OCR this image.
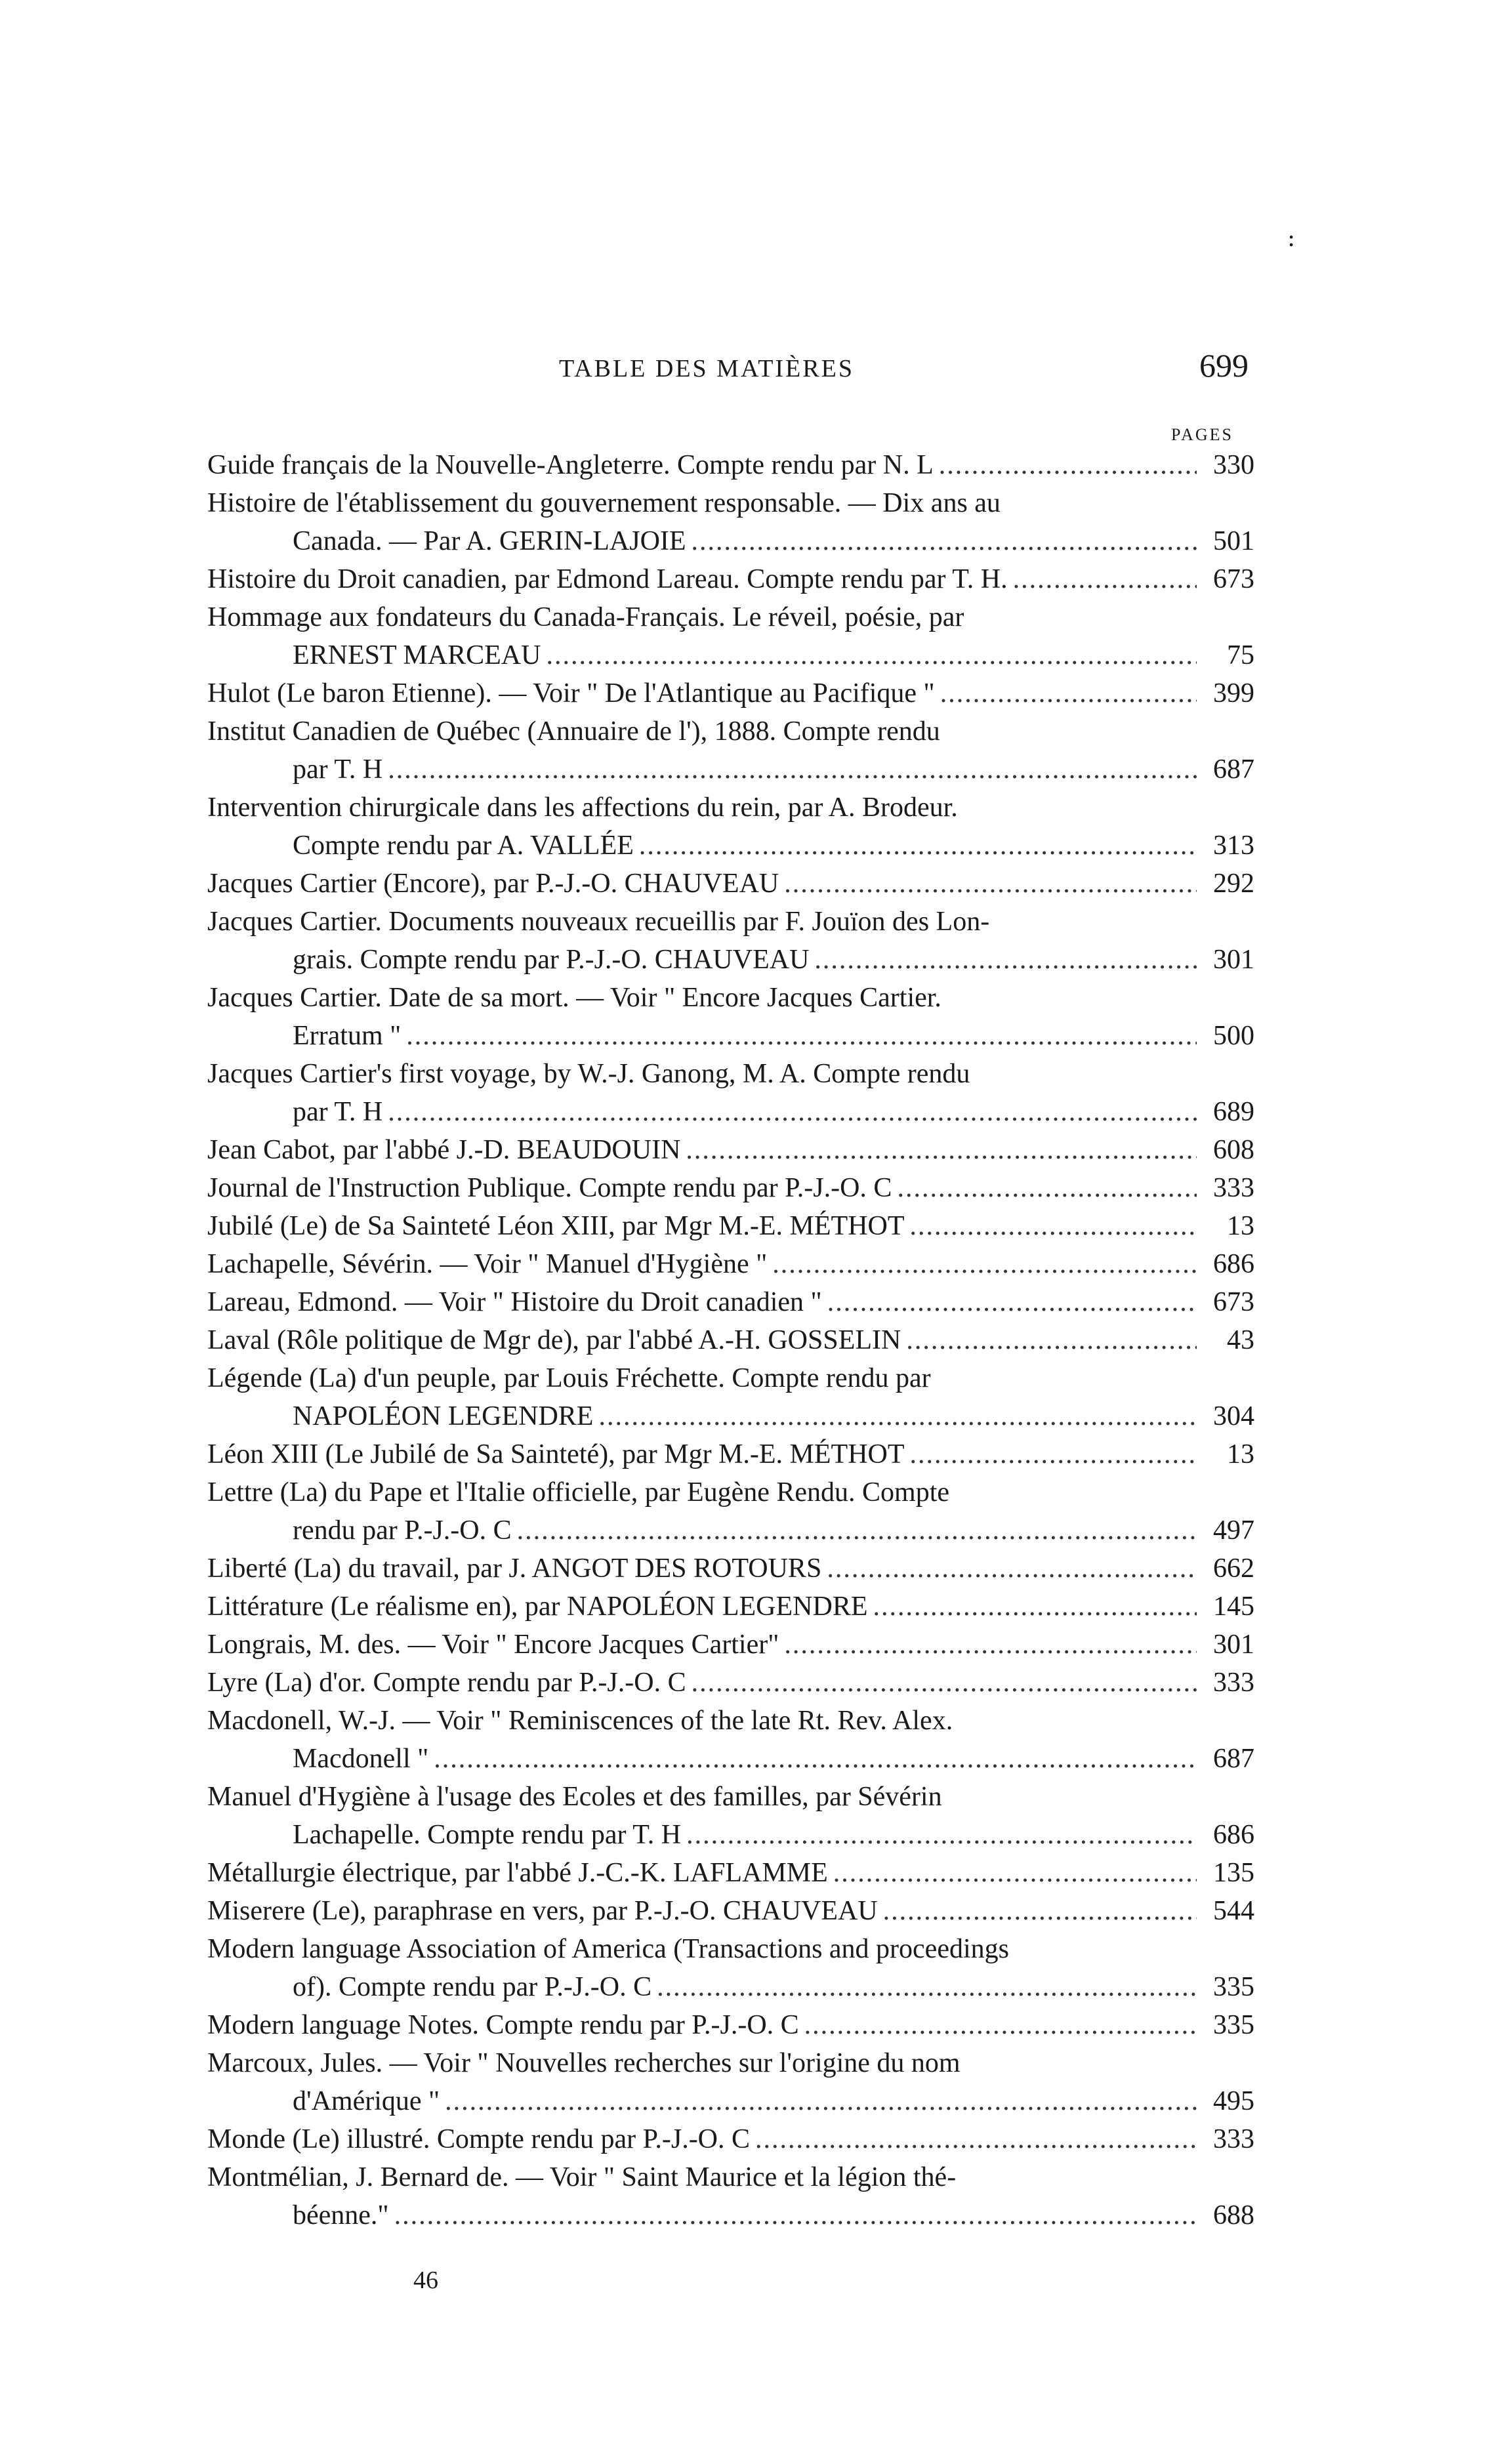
:
TABLE DES MATIÈRES	699
PAGES
Guide français de la Nouvelle-Angleterre. Compte rendu par N. L .....	330
Histoire de l'établissement du gouvernement responsable. — Dix ans au
Canada. — Par A. GERIN-LAJOIE .....	501
Histoire du Droit canadien, par Edmond Lareau. Compte rendu par T. H. .....	673
Hommage aux fondateurs du Canada-Français. Le réveil, poésie, par
ERNEST MARCEAU .....	75
Hulot (Le baron Etienne). — Voir " De l'Atlantique au Pacifique " .....	399
Institut Canadien de Québec (Annuaire de l'), 1888. Compte rendu
par T. H .....	687
Intervention chirurgicale dans les affections du rein, par A. Brodeur.
Compte rendu par A. VALLÉE .....	313
Jacques Cartier (Encore), par P.-J.-O. CHAUVEAU .....	292
Jacques Cartier. Documents nouveaux recueillis par F. Jouïon des Lon-
grais. Compte rendu par P.-J.-O. CHAUVEAU .....	301
Jacques Cartier. Date de sa mort. — Voir " Encore Jacques Cartier.
Erratum " .....	500
Jacques Cartier's first voyage, by W.-J. Ganong, M. A. Compte rendu
par T. H .....	689
Jean Cabot, par l'abbé J.-D. BEAUDOUIN .....	608
Journal de l'Instruction Publique. Compte rendu par P.-J.-O. C .....	333
Jubilé (Le) de Sa Sainteté Léon XIII, par Mgr M.-E. MÉTHOT .....	13
Lachapelle, Sévérin. — Voir " Manuel d'Hygiène " .....	686
Lareau, Edmond. — Voir " Histoire du Droit canadien " .....	673
Laval (Rôle politique de Mgr de), par l'abbé A.-H. GOSSELIN .....	43
Légende (La) d'un peuple, par Louis Fréchette. Compte rendu par
NAPOLÉON LEGENDRE .....	304
Léon XIII (Le Jubilé de Sa Sainteté), par Mgr M.-E. MÉTHOT .....	13
Lettre (La) du Pape et l'Italie officielle, par Eugène Rendu. Compte
rendu par P.-J.-O. C .....	497
Liberté (La) du travail, par J. ANGOT DES ROTOURS .....	662
Littérature (Le réalisme en), par NAPOLÉON LEGENDRE .....	145
Longrais, M. des. — Voir " Encore Jacques Cartier" .....	301
Lyre (La) d'or. Compte rendu par P.-J.-O. C .....	333
Macdonell, W.-J. — Voir " Reminiscences of the late Rt. Rev. Alex.
Macdonell " .....	687
Manuel d'Hygiène à l'usage des Ecoles et des familles, par Sévérin
Lachapelle. Compte rendu par T. H .....	686
Métallurgie électrique, par l'abbé J.-C.-K. LAFLAMME .....	135
Miserere (Le), paraphrase en vers, par P.-J.-O. CHAUVEAU .....	544
Modern language Association of America (Transactions and proceedings
of). Compte rendu par P.-J.-O. C .....	335
Modern language Notes. Compte rendu par P.-J.-O. C .....	335
Marcoux, Jules. — Voir " Nouvelles recherches sur l'origine du nom
d'Amérique " .....	495
Monde (Le) illustré. Compte rendu par P.-J.-O. C .....	333
Montmélian, J. Bernard de. — Voir " Saint Maurice et la légion thé-
béenne." .....	688
46
